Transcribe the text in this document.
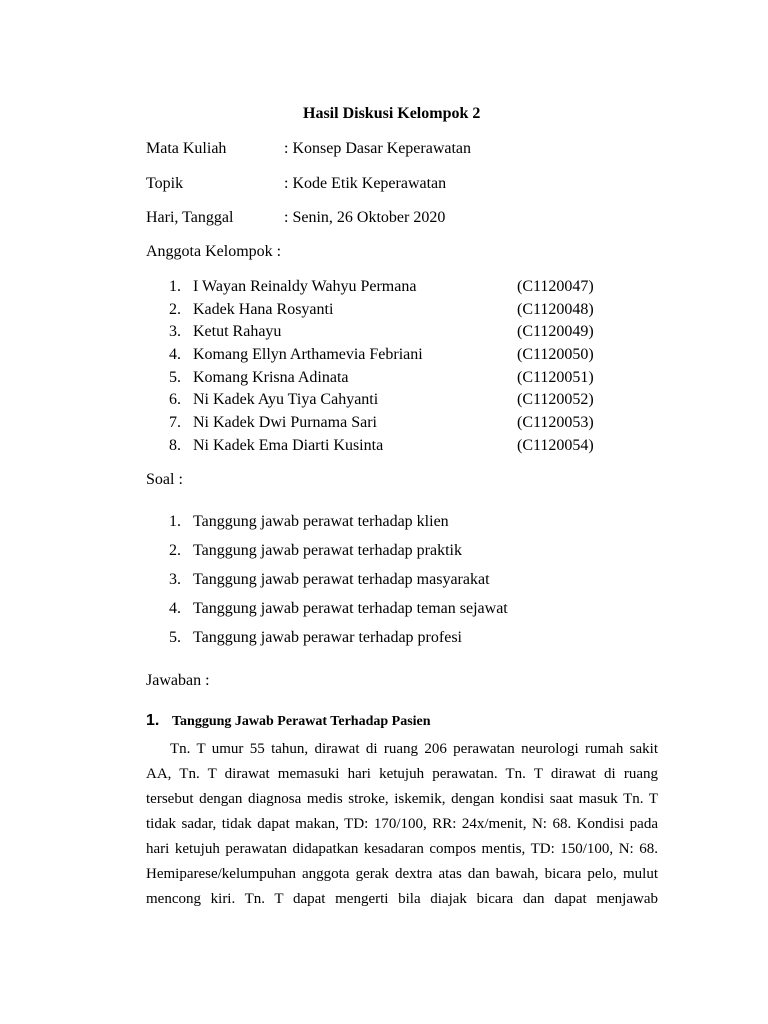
Hasil Diskusi Kelompok 2
Mata Kuliah	: Konsep Dasar Keperawatan
Topik	: Kode Etik Keperawatan
Hari, Tanggal	: Senin, 26 Oktober 2020
Anggota Kelompok :
1. I Wayan Reinaldy Wahyu Permana	(C1120047)
2. Kadek Hana Rosyanti	(C1120048)
3. Ketut Rahayu	(C1120049)
4. Komang Ellyn Arthamevia Febriani	(C1120050)
5. Komang Krisna Adinata	(C1120051)
6. Ni Kadek Ayu Tiya Cahyanti	(C1120052)
7. Ni Kadek Dwi Purnama Sari	(C1120053)
8. Ni Kadek Ema Diarti Kusinta	(C1120054)
Soal :
1. Tanggung jawab perawat terhadap klien
2. Tanggung jawab perawat terhadap praktik
3. Tanggung jawab perawat terhadap masyarakat
4. Tanggung jawab perawat terhadap teman sejawat
5. Tanggung jawab perawar terhadap profesi
Jawaban :
1. Tanggung Jawab Perawat Terhadap Pasien
Tn. T umur 55 tahun, dirawat di ruang 206 perawatan neurologi rumah sakit
AA, Tn. T dirawat memasuki hari ketujuh perawatan. Tn. T dirawat di ruang
tersebut dengan diagnosa medis stroke, iskemik, dengan kondisi saat masuk Tn. T
tidak sadar, tidak dapat makan, TD: 170/100, RR: 24x/menit, N: 68. Kondisi pada
hari ketujuh perawatan didapatkan kesadaran compos mentis, TD: 150/100, N: 68.
Hemiparese/kelumpuhan anggota gerak dextra atas dan bawah, bicara pelo, mulut
mencong kiri. Tn. T dapat mengerti bila diajak bicara dan dapat menjawab
